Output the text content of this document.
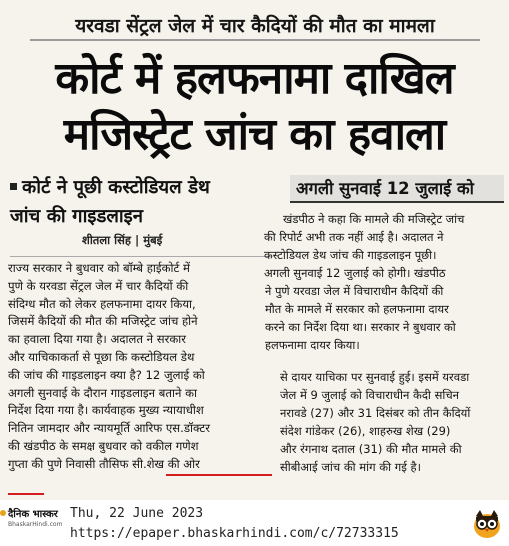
यरवडा सेंट्रल जेल में चार कैदियों की मौत का मामला
कोर्ट में हलफनामा दाखिल
मजिस्ट्रेट जांच का हवाला
कोर्ट ने पूछी कस्टोडियल डेथ
जांच की गाइडलाइन
शीतला सिंह | मुंबई
अगली सुनवाई 12 जुलाई को
खंडपीठ ने कहा कि मामले की मजिस्ट्रेट जांच
की रिपोर्ट अभी तक नहीं आई है। अदालत ने
कस्टोडियल डेथ जांच की गाइडलाइन पूछी।
अगली सुनवाई 12 जुलाई को होगी। खंडपीठ
ने पुणे यरवडा जेल में विचाराधीन कैदियों की
मौत के मामले में सरकार को हलफनामा दायर
करने का निर्देश दिया था। सरकार ने बुधवार को
हलफनामा दायर किया।
राज्य सरकार ने बुधवार को बॉम्बे हाईकोर्ट में
पुणे के यरवडा सेंट्रल जेल में चार कैदियों की
संदिग्ध मौत को लेकर हलफनामा दायर किया,
जिसमें कैदियों की मौत की मजिस्ट्रेट जांच होने
का हवाला दिया गया है। अदालत ने सरकार
और याचिकाकर्ता से पूछा कि कस्टोडियल डेथ
की जांच की गाइडलाइन क्या है? 12 जुलाई को
अगली सुनवाई के दौरान गाइडलाइन बताने का
निर्देश दिया गया है। कार्यवाहक मुख्य न्यायाधीश
नितिन जामदार और न्यायमूर्ति आरिफ एस.डॉक्टर
की खंडपीठ के समक्ष बुधवार को वकील गणेश
गुप्ता की पुणे निवासी तौसिफ सी.शेख की ओर
से दायर याचिका पर सुनवाई हुई। इसमें यरवडा
जेल में 9 जुलाई को विचाराधीन कैदी सचिन
नरावडे (27) और 31 दिसंबर को तीन कैदियों
संदेश गांडेकर (26), शाहरुख शेख (29)
और रंगनाथ दताल (31) की मौत मामले की
सीबीआई जांच की मांग की गई है।
दैनिक भास्कर
BhaskarHindi.com
Thu, 22 June 2023
https://epaper.bhaskarhindi.com/c/72733315
